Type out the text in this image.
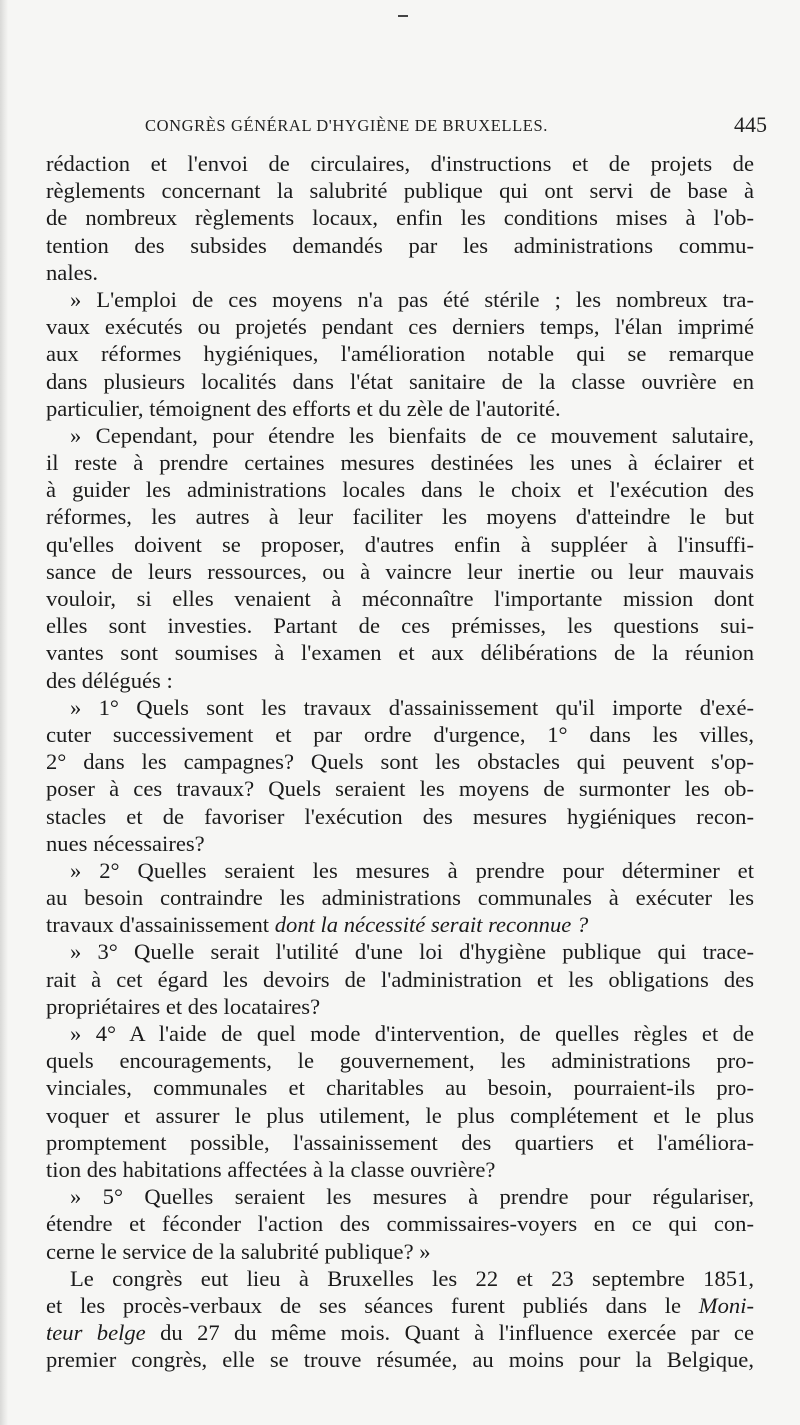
CONGRÈS GÉNÉRAL D'HYGIÈNE DE BRUXELLES.	445
rédaction et l'envoi de circulaires, d'instructions et de projets de
règlements concernant la salubrité publique qui ont servi de base à
de nombreux règlements locaux, enfin les conditions mises à l'ob-
tention des subsides demandés par les administrations commu-
nales.
» L'emploi de ces moyens n'a pas été stérile ; les nombreux tra-
vaux exécutés ou projetés pendant ces derniers temps, l'élan imprimé
aux réformes hygiéniques, l'amélioration notable qui se remarque
dans plusieurs localités dans l'état sanitaire de la classe ouvrière en
particulier, témoignent des efforts et du zèle de l'autorité.
» Cependant, pour étendre les bienfaits de ce mouvement salutaire,
il reste à prendre certaines mesures destinées les unes à éclairer et
à guider les administrations locales dans le choix et l'exécution des
réformes, les autres à leur faciliter les moyens d'atteindre le but
qu'elles doivent se proposer, d'autres enfin à suppléer à l'insuffi-
sance de leurs ressources, ou à vaincre leur inertie ou leur mauvais
vouloir, si elles venaient à méconnaître l'importante mission dont
elles sont investies. Partant de ces prémisses, les questions sui-
vantes sont soumises à l'examen et aux délibérations de la réunion
des délégués :
» 1° Quels sont les travaux d'assainissement qu'il importe d'exé-
cuter successivement et par ordre d'urgence, 1° dans les villes,
2° dans les campagnes? Quels sont les obstacles qui peuvent s'op-
poser à ces travaux? Quels seraient les moyens de surmonter les ob-
stacles et de favoriser l'exécution des mesures hygiéniques recon-
nues nécessaires?
» 2° Quelles seraient les mesures à prendre pour déterminer et
au besoin contraindre les administrations communales à exécuter les
travaux d'assainissement dont la nécessité serait reconnue ?
» 3° Quelle serait l'utilité d'une loi d'hygiène publique qui trace-
rait à cet égard les devoirs de l'administration et les obligations des
propriétaires et des locataires?
» 4° A l'aide de quel mode d'intervention, de quelles règles et de
quels encouragements, le gouvernement, les administrations pro-
vinciales, communales et charitables au besoin, pourraient-ils pro-
voquer et assurer le plus utilement, le plus complétement et le plus
promptement possible, l'assainissement des quartiers et l'améliora-
tion des habitations affectées à la classe ouvrière?
» 5° Quelles seraient les mesures à prendre pour régulariser,
étendre et féconder l'action des commissaires-voyers en ce qui con-
cerne le service de la salubrité publique? »
Le congrès eut lieu à Bruxelles les 22 et 23 septembre 1851,
et les procès-verbaux de ses séances furent publiés dans le Moni-
teur belge du 27 du même mois. Quant à l'influence exercée par ce
premier congrès, elle se trouve résumée, au moins pour la Belgique,
